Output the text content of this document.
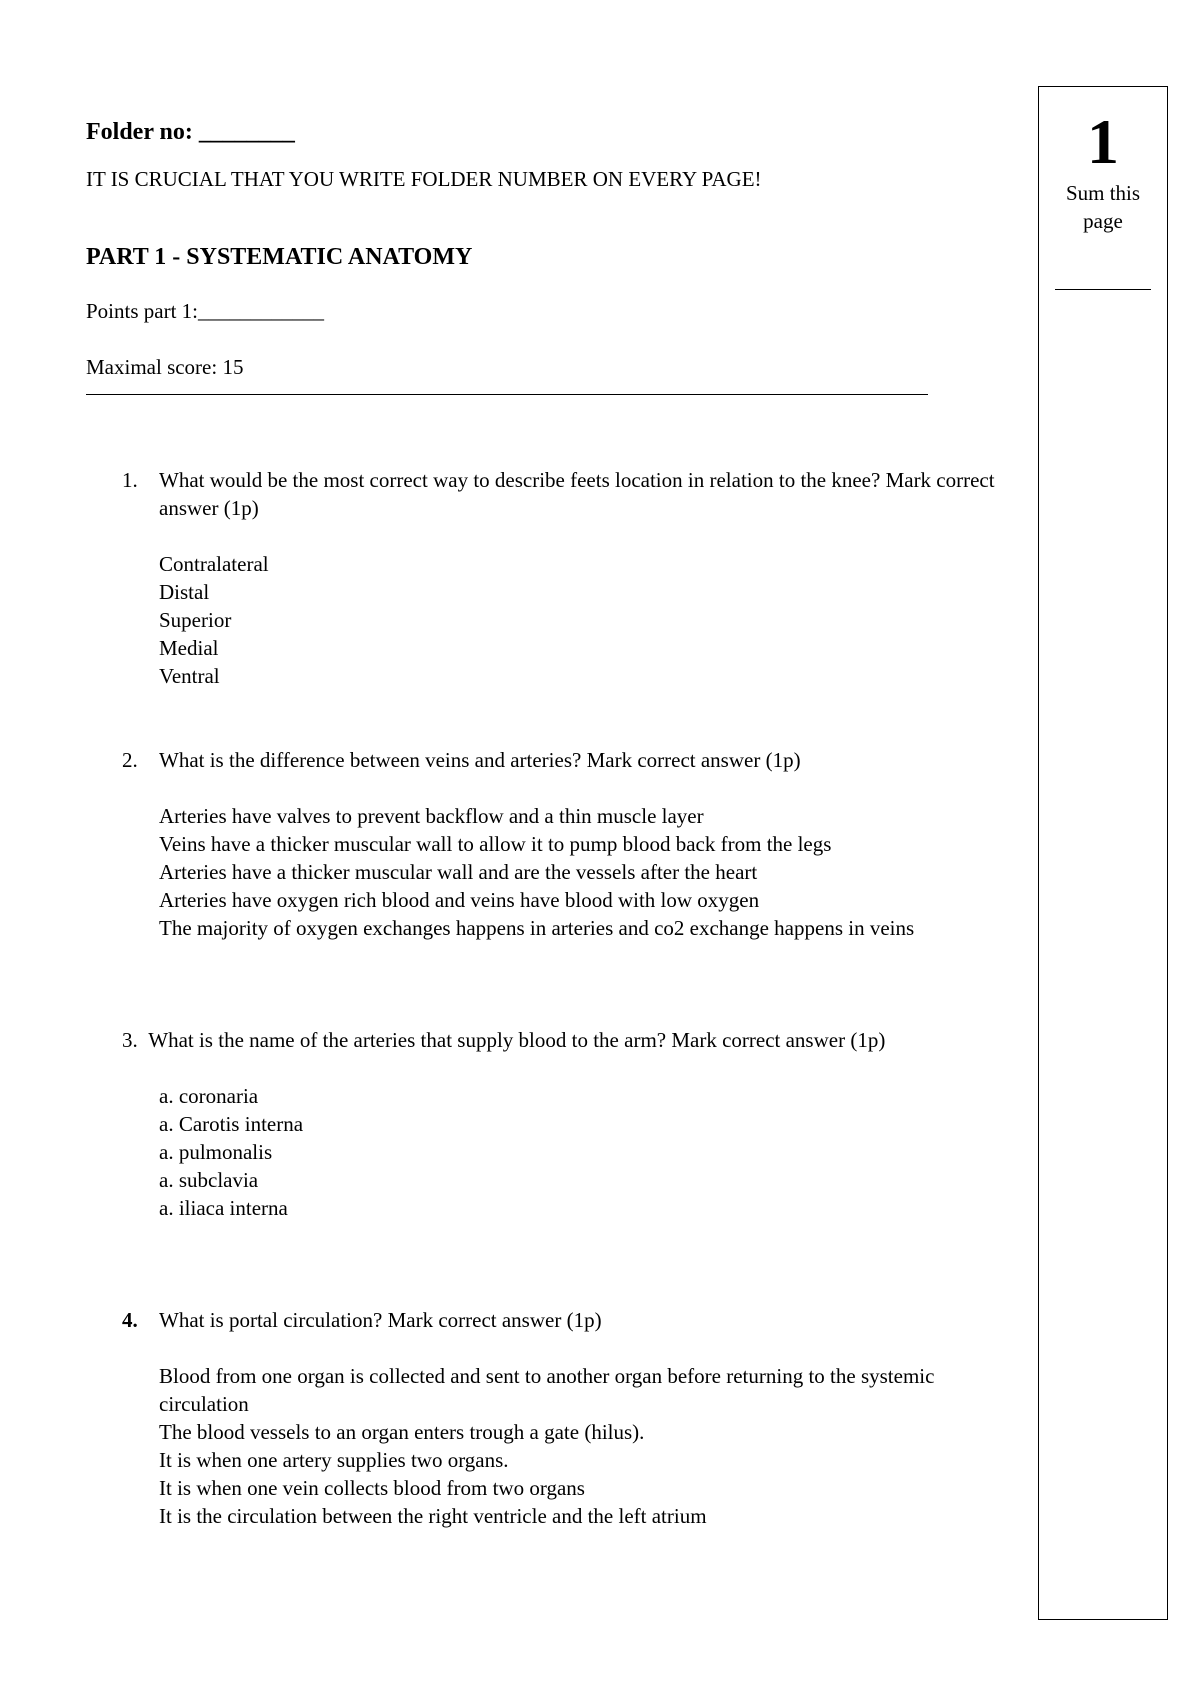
Folder no: ________
IT IS CRUCIAL THAT YOU WRITE FOLDER NUMBER ON EVERY PAGE!
PART 1 - SYSTEMATIC ANATOMY
Points part 1:____________
Maximal score: 15
1. What would be the most correct way to describe feets location in relation to the knee? Mark correct answer (1p)
Contralateral
Distal
Superior
Medial
Ventral
2. What is the difference between veins and arteries? Mark correct answer (1p)
Arteries have valves to prevent backflow and a thin muscle layer
Veins have a thicker muscular wall to allow it to pump blood back from the legs
Arteries have a thicker muscular wall and are the vessels after the heart
Arteries have oxygen rich blood and veins have blood with low oxygen
The majority of oxygen exchanges happens in arteries and co2 exchange happens in veins
3. What is the name of the arteries that supply blood to the arm? Mark correct answer (1p)
a. coronaria
a. Carotis interna
a. pulmonalis
a. subclavia
a. iliaca interna
4. What is portal circulation? Mark correct answer (1p)
Blood from one organ is collected and sent to another organ before returning to the systemic circulation
The blood vessels to an organ enters trough a gate (hilus).
It is when one artery supplies two organs.
It is when one vein collects blood from two organs
It is the circulation between the right ventricle and the left atrium
1
Sum this page
